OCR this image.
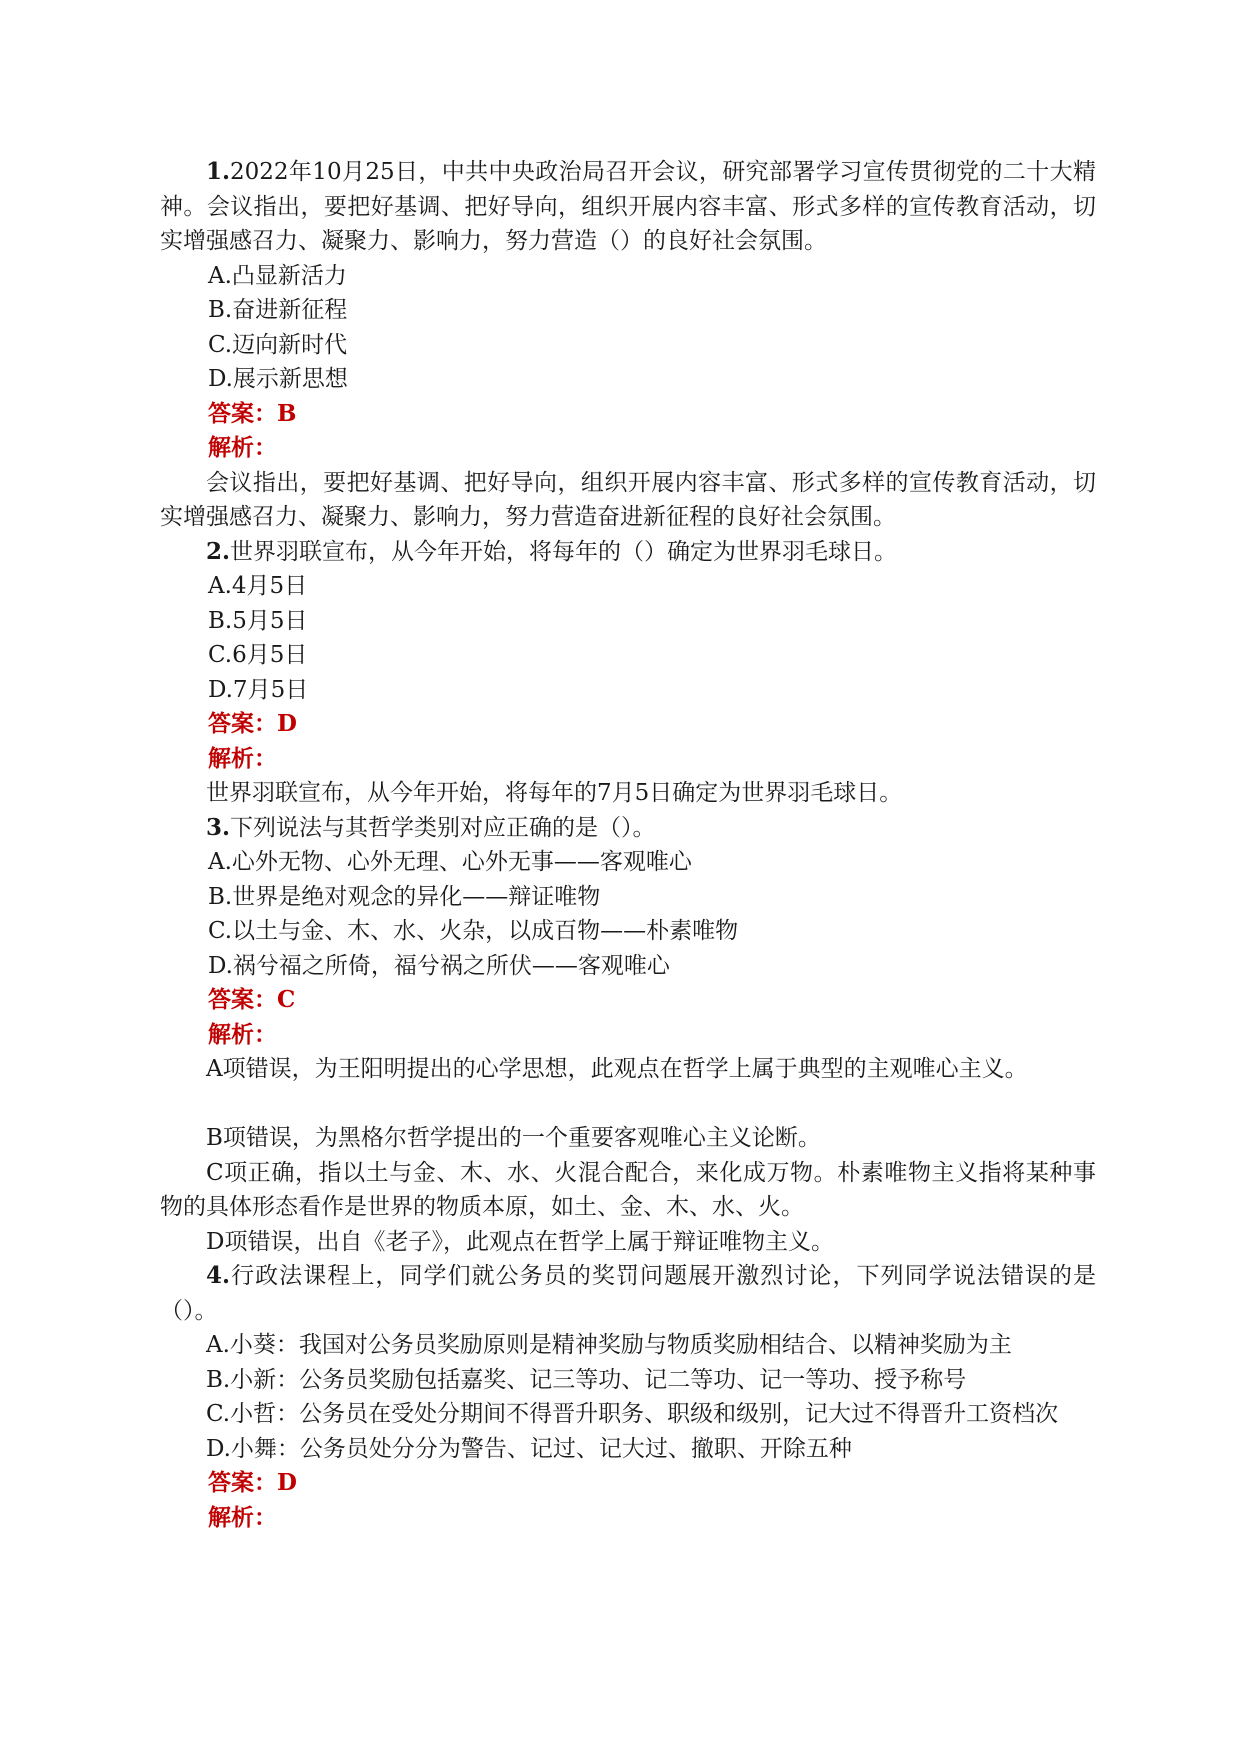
1.2022年10月25日，中共中央政治局召开会议，研究部署学习宣传贯彻党的二十大精神。会议指出，要把好基调、把好导向，组织开展内容丰富、形式多样的宣传教育活动，切实增强感召力、凝聚力、影响力，努力营造（）的良好社会氛围。

A.凸显新活力

B.奋进新征程

C.迈向新时代

D.展示新思想

答案：B

解析：

会议指出，要把好基调、把好导向，组织开展内容丰富、形式多样的宣传教育活动，切实增强感召力、凝聚力、影响力，努力营造奋进新征程的良好社会氛围。

2.世界羽联宣布，从今年开始，将每年的（）确定为世界羽毛球日。

A.4月5日

B.5月5日

C.6月5日

D.7月5日

答案：D

解析：

世界羽联宣布，从今年开始，将每年的7月5日确定为世界羽毛球日。

3.下列说法与其哲学类别对应正确的是（）。

A.心外无物、心外无理、心外无事——客观唯心

B.世界是绝对观念的异化——辩证唯物

C.以土与金、木、水、火杂，以成百物——朴素唯物

D.祸兮福之所倚，福兮祸之所伏——客观唯心

答案：C

解析：

A项错误，为王阳明提出的心学思想，此观点在哲学上属于典型的主观唯心主义。

B项错误，为黑格尔哲学提出的一个重要客观唯心主义论断。

C项正确，指以土与金、木、水、火混合配合，来化成万物。朴素唯物主义指将某种事物的具体形态看作是世界的物质本原，如土、金、木、水、火。

D项错误，出自《老子》，此观点在哲学上属于辩证唯物主义。

4.行政法课程上，同学们就公务员的奖罚问题展开激烈讨论，下列同学说法错误的是（）。

A.小葵：我国对公务员奖励原则是精神奖励与物质奖励相结合、以精神奖励为主

B.小新：公务员奖励包括嘉奖、记三等功、记二等功、记一等功、授予称号

C.小哲：公务员在受处分期间不得晋升职务、职级和级别，记大过不得晋升工资档次

D.小舞：公务员处分分为警告、记过、记大过、撤职、开除五种

答案：D

解析：
